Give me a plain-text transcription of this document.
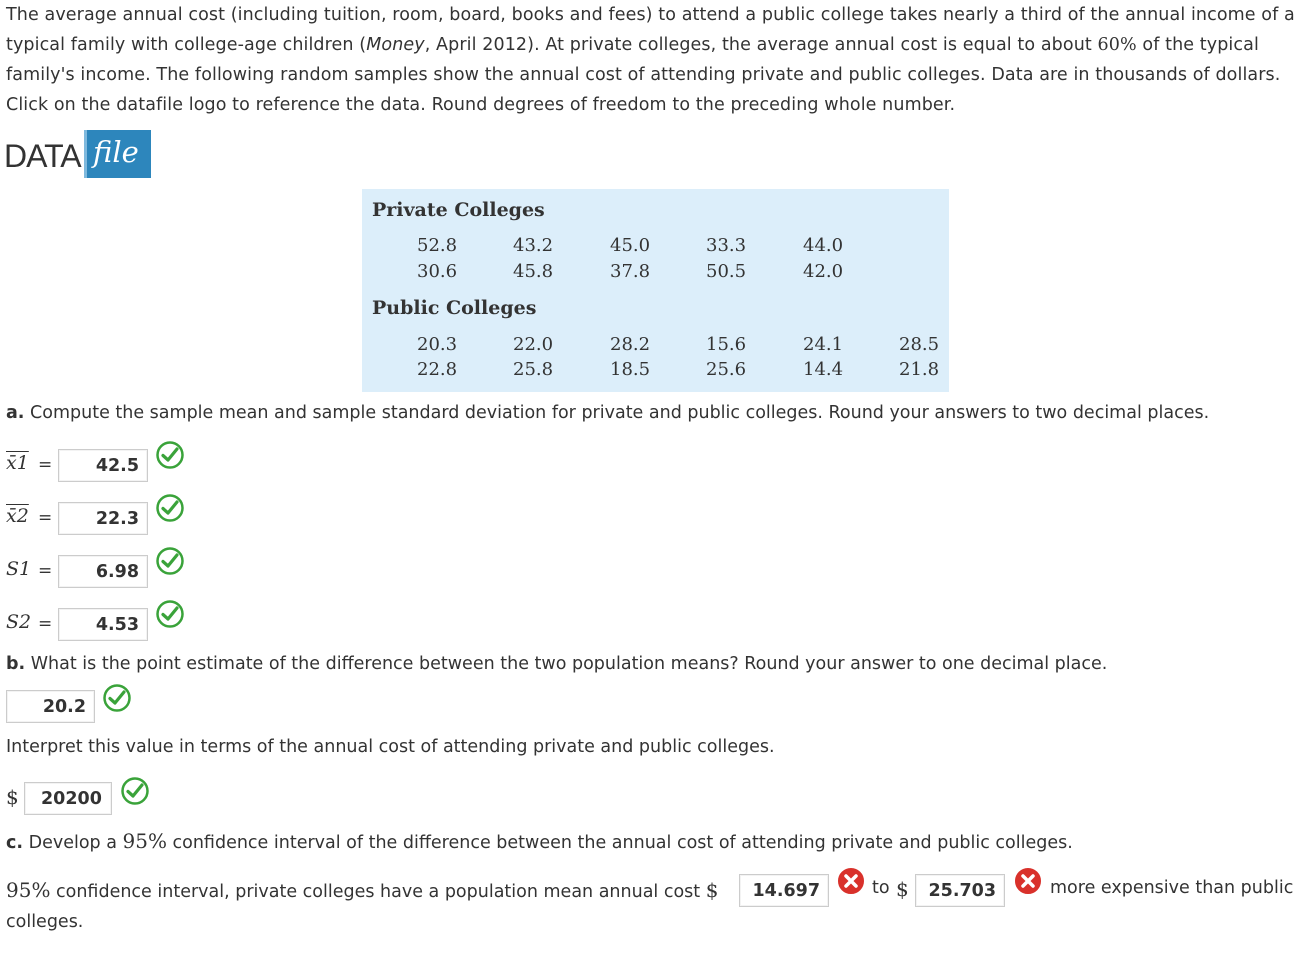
The average annual cost (including tuition, room, board, books and fees) to attend a public college takes nearly a third of the annual income of a typical family with college-age children (Money, April 2012). At private colleges, the average annual cost is equal to about 60% of the typical family's income. The following random samples show the annual cost of attending private and public colleges. Data are in thousands of dollars. Click on the datafile logo to reference the data. Round degrees of freedom to the preceding whole number.
DATA file
Private Colleges
52.8	43.2	45.0	33.3	44.0
30.6	45.8	37.8	50.5	42.0
Public Colleges
20.3	22.0	28.2	15.6	24.1	28.5
22.8	25.8	18.5	25.6	14.4	21.8
a. Compute the sample mean and sample standard deviation for private and public colleges. Round your answers to two decimal places.
x̄1 =	42.5
x̄2 =	22.3
S1 =	6.98
S2 =	4.53
b. What is the point estimate of the difference between the two population means? Round your answer to one decimal place.
20.2
Interpret this value in terms of the annual cost of attending private and public colleges.
$	20200
c. Develop a 95% confidence interval of the difference between the annual cost of attending private and public colleges.
95% confidence interval, private colleges have a population mean annual cost $	14.697	to $	25.703	more expensive than public
colleges.
